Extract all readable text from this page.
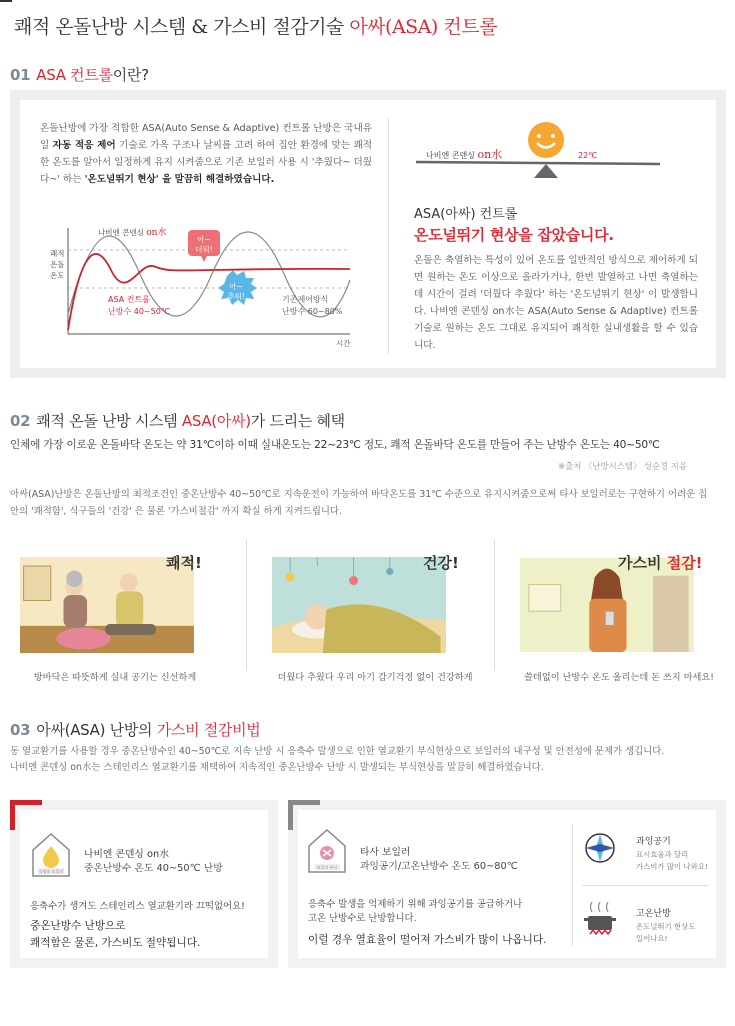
쾌적 온돌난방 시스템 & 가스비 절감기술 아싸(ASA) 컨트롤
01 ASA 컨트롤이란?
온돌난방에 가장 적합한 ASA(Auto Sense & Adaptive) 컨트롤 난방은 국내유일 자동 적응 제어 기술로 가옥 구조나 날씨를 고려 하여 집안 환경에 맞는 쾌적한 온도를 알아서 일정하게 유지 시켜줌으로 기존 보일러 사용 시 '추웠다~ 더웠다~' 하는 '온도널뛰기 현상' 을 말끔히 해결하였습니다.
나비엔 콘덴싱 on水
쾌적
온돌
온도
아~
더워!
아~
추워!
ASA 컨트롤
난방수 40~50℃
기존제어방식
난방수 60~80%
시간
나비엔 콘덴싱 on水	22℃
ASA(아싸) 컨트롤
온도널뛰기 현상을 잡았습니다.
온돌은 축열하는 특성이 있어 온도를 일반적인 방식으로 제어하게 되면 원하는 온도 이상으로 올라가거나, 한번 발열하고 나면 축열하는데 시간이 걸려 '더웠다 추웠다' 하는 '온도널뛰기 현상' 이 발생합니다. 나비엔 콘덴싱 on水는 ASA(Auto Sense & Adaptive) 컨트롤 기술로 원하는 온도 그대로 유지되어 쾌적한 실내생활을 할 수 있습니다.
02 쾌적 온돌 난방 시스템 ASA(아싸)가 드리는 혜택
인체에 가장 이로운 온돌바닥 온도는 약 31℃이하 이때 실내온도는 22~23℃ 정도, 쾌적 온돌바닥 온도를 만들어 주는 난방수 온도는 40~50℃
※출처 〈난방시스템〉 성순경 지음
아싸(ASA)난방은 온돌난방의 최적조건인 중온난방수 40~50℃로 지속운전이 가능하여 바닥온도를 31℃ 수준으로 유지시켜줌으로써 타사 보일러로는 구현하기 어려운 집안의 '쾌적함', 식구들의 '건강' 은 물론 '가스비절감' 까지 확실 하게 지켜드립니다.
쾌적!
방바닥은 따뜻하게 실내 공기는 신선하게
건강!
더웠다 추웠다 우리 아기 감기걱정 없이 건강하게
가스비 절감!
쓸데없이 난방수 온도 올리는데 돈 쓰지 마세요!
03 아싸(ASA) 난방의 가스비 절감비법
동 열교환기를 사용할 경우 중온난방수인 40~50℃로 지속 난방 시 응축수 발생으로 인한 열교환기 부식현상으로 보일러의 내구성 및 안전성에 문제가 생깁니다.
나비엔 콘덴싱 on水는 스테인리스 열교환기를 채택하여 지속적인 중온난방수 난방 시 발생되는 부식현상을 말끔히 해결하였습니다.
물방울 보일러
나비엔 콘덴싱 on水
중온난방수 온도 40~50℃ 난방
응축수가 생겨도 스테인리스 열교환기라 끄떡없어요!
중온난방수 난방으로
쾌적함은 물론, 가스비도 절약됩니다.
보일러 부식
타사 보일러
과잉공기/고온난방수 온도 60~80℃
응축수 발생을 억제하기 위해 과잉공기를 공급하거나
고온 난방수로 난방합니다.
이럴 경우 열효율이 떨어져 가스비가 많이 나옵니다.
과잉공기
표시효율과 달리
가스비가 많이 나와요!
고온난방
온도널뛰기 현상도
일어나요!
